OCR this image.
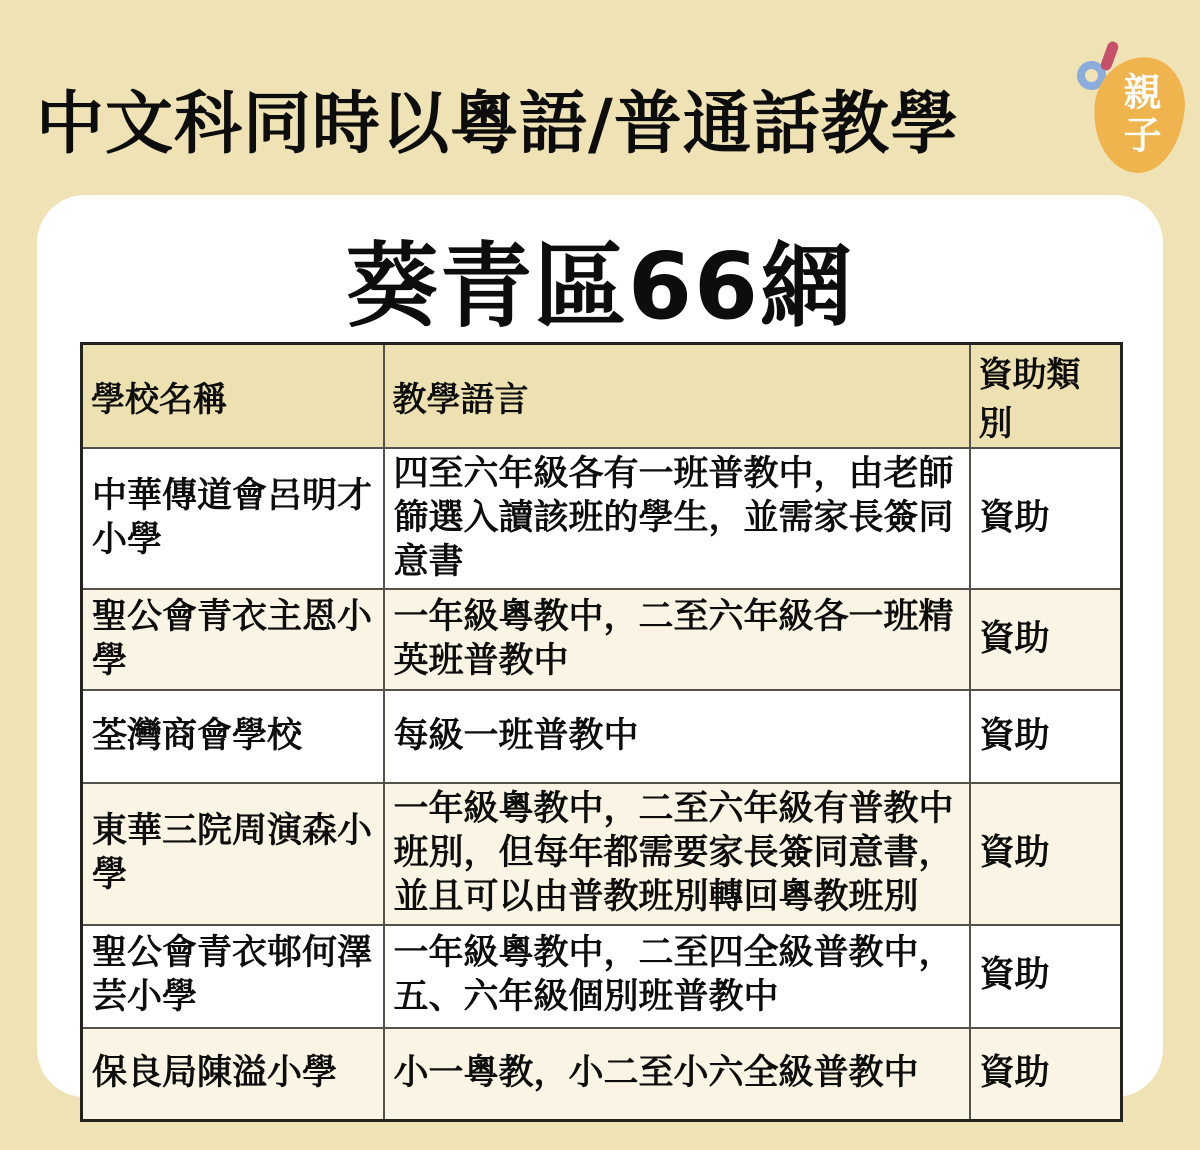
中文科同時以粵語/普通話教學	親子
葵青區66網
學校名稱	教學語言	資助類別
中華傳道會呂明才小學	四至六年級各有一班普教中，由老師篩選入讀該班的學生，並需家長簽同意書	資助
聖公會青衣主恩小學	一年級粵教中，二至六年級各一班精英班普教中	資助
荃灣商會學校	每級一班普教中	資助
東華三院周演森小學	一年級粵教中，二至六年級有普教中班別，但每年都需要家長簽同意書，並且可以由普教班別轉回粵教班別	資助
聖公會青衣邨何澤芸小學	一年級粵教中，二至四全級普教中，五、六年級個別班普教中	資助
保良局陳溢小學	小一粵教，小二至小六全級普教中	資助
